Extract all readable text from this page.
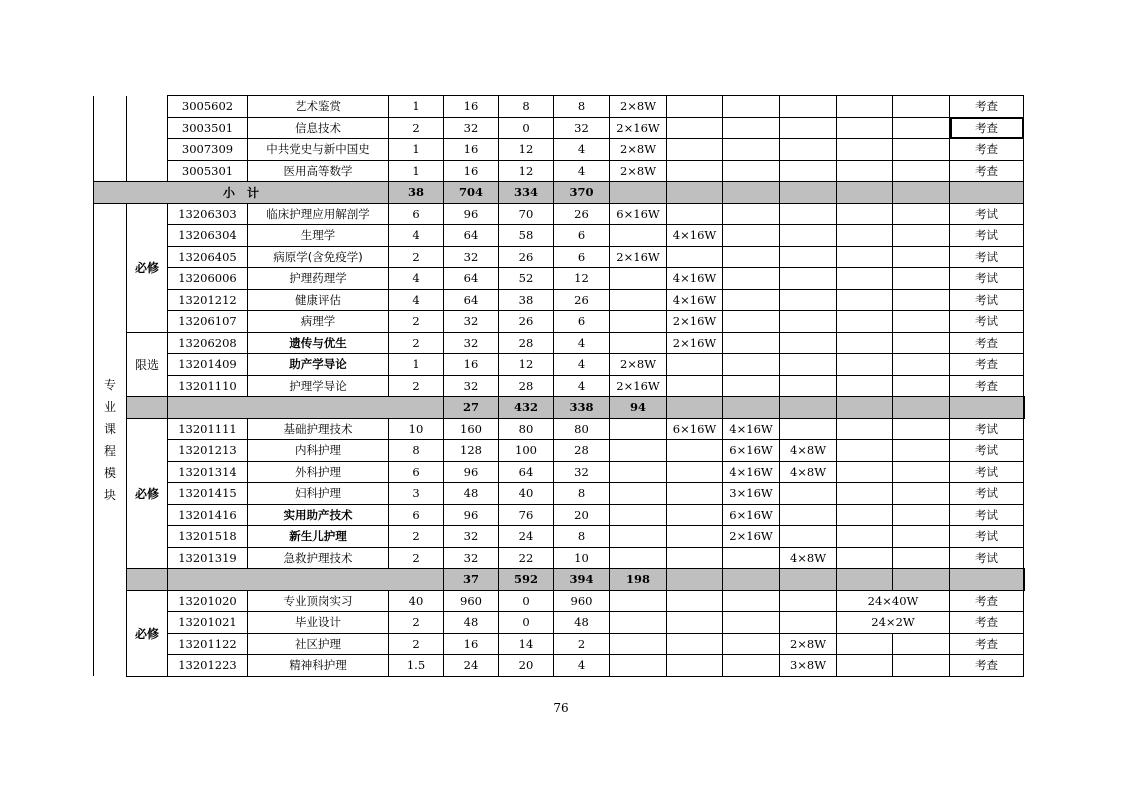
		3005602	艺术鉴赏	1	16	8	8	2×8W						考查	
		3003501	信息技术	2	32	0	32	2×16W						考查	
		3007309	中共党史与新中国史	1	16	12	4	2×8W						考查	
		3005301	医用高等数学	1	16	12	4	2×8W						考查	
小　计				38	704	334	370								
专业课程模块	必修	13206303	临床护理应用解剖学	6	96	70	26	6×16W						考试	
		13206304	生理学	4	64	58	6		4×16W					考试	
		13206405	病原学(含免疫学)	2	32	26	6	2×16W						考试	
		13206006	护理药理学	4	64	52	12		4×16W					考试	
		13201212	健康评估	4	64	38	26		4×16W					考试	
		13206107	病理学	2	32	26	6		2×16W					考试	
	限选	13206208	遗传与优生	2	32	28	4		2×16W					考查	
		13201409	助产学导论	1	16	12	4	2×8W						考查	
		13201110	护理学导论	2	32	28	4	2×16W						考查	
					27	432	338	94							
	必修	13201111	基础护理技术	10	160	80	80		6×16W	4×16W				考试	
		13201213	内科护理	8	128	100	28			6×16W	4×8W			考试	
		13201314	外科护理	6	96	64	32			4×16W	4×8W			考试	
		13201415	妇科护理	3	48	40	8			3×16W				考试	
		13201416	实用助产技术	6	96	76	20			6×16W				考试	
		13201518	新生儿护理	2	32	24	8			2×16W				考试	
		13201319	急救护理技术	2	32	22	10				4×8W			考试	
					37	592	394	198							
	必修	13201020	专业顶岗实习	40	960	0	960					24×40W		考查	
		13201021	毕业设计	2	48	0	48					24×2W		考查	
		13201122	社区护理	2	16	14	2				2×8W			考查	
		13201223	精神科护理	1.5	24	20	4				3×8W			考查	
76
